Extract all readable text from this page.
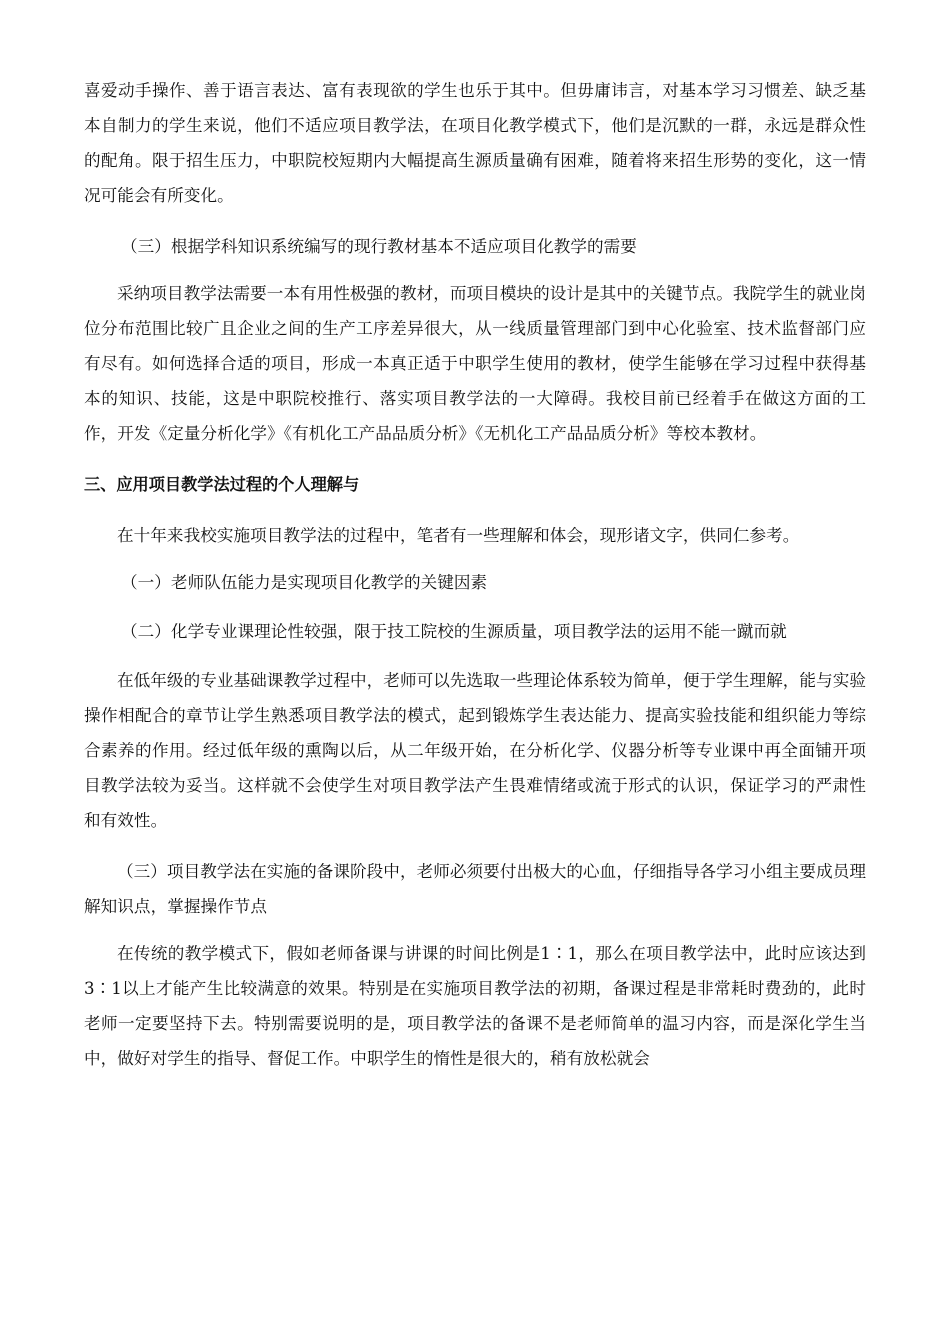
喜爱动手操作、善于语言表达、富有表现欲的学生也乐于其中。但毋庸讳言，对基本学习习惯差、缺乏基本自制力的学生来说，他们不适应项目教学法，在项目化教学模式下，他们是沉默的一群，永远是群众性的配角。限于招生压力，中职院校短期内大幅提高生源质量确有困难，随着将来招生形势的变化，这一情况可能会有所变化。

（三）根据学科知识系统编写的现行教材基本不适应项目化教学的需要

采纳项目教学法需要一本有用性极强的教材，而项目模块的设计是其中的关键节点。我院学生的就业岗位分布范围比较广且企业之间的生产工序差异很大，从一线质量管理部门到中心化验室、技术监督部门应有尽有。如何选择合适的项目，形成一本真正适于中职学生使用的教材，使学生能够在学习过程中获得基本的知识、技能，这是中职院校推行、落实项目教学法的一大障碍。我校目前已经着手在做这方面的工作，开发《定量分析化学》《有机化工产品品质分析》《无机化工产品品质分析》等校本教材。

三、应用项目教学法过程的个人理解与

在十年来我校实施项目教学法的过程中，笔者有一些理解和体会，现形诸文字，供同仁参考。

（一）老师队伍能力是实现项目化教学的关键因素

（二）化学专业课理论性较强，限于技工院校的生源质量，项目教学法的运用不能一蹴而就

在低年级的专业基础课教学过程中，老师可以先选取一些理论体系较为简单，便于学生理解，能与实验操作相配合的章节让学生熟悉项目教学法的模式，起到锻炼学生表达能力、提高实验技能和组织能力等综合素养的作用。经过低年级的熏陶以后，从二年级开始，在分析化学、仪器分析等专业课中再全面铺开项目教学法较为妥当。这样就不会使学生对项目教学法产生畏难情绪或流于形式的认识，保证学习的严肃性和有效性。

（三）项目教学法在实施的备课阶段中，老师必须要付出极大的心血，仔细指导各学习小组主要成员理解知识点，掌握操作节点

在传统的教学模式下，假如老师备课与讲课的时间比例是1∶1，那么在项目教学法中，此时应该达到3∶1以上才能产生比较满意的效果。特别是在实施项目教学法的初期，备课过程是非常耗时费劲的，此时老师一定要坚持下去。特别需要说明的是，项目教学法的备课不是老师简单的温习内容，而是深化学生当中，做好对学生的指导、督促工作。中职学生的惰性是很大的，稍有放松就会
